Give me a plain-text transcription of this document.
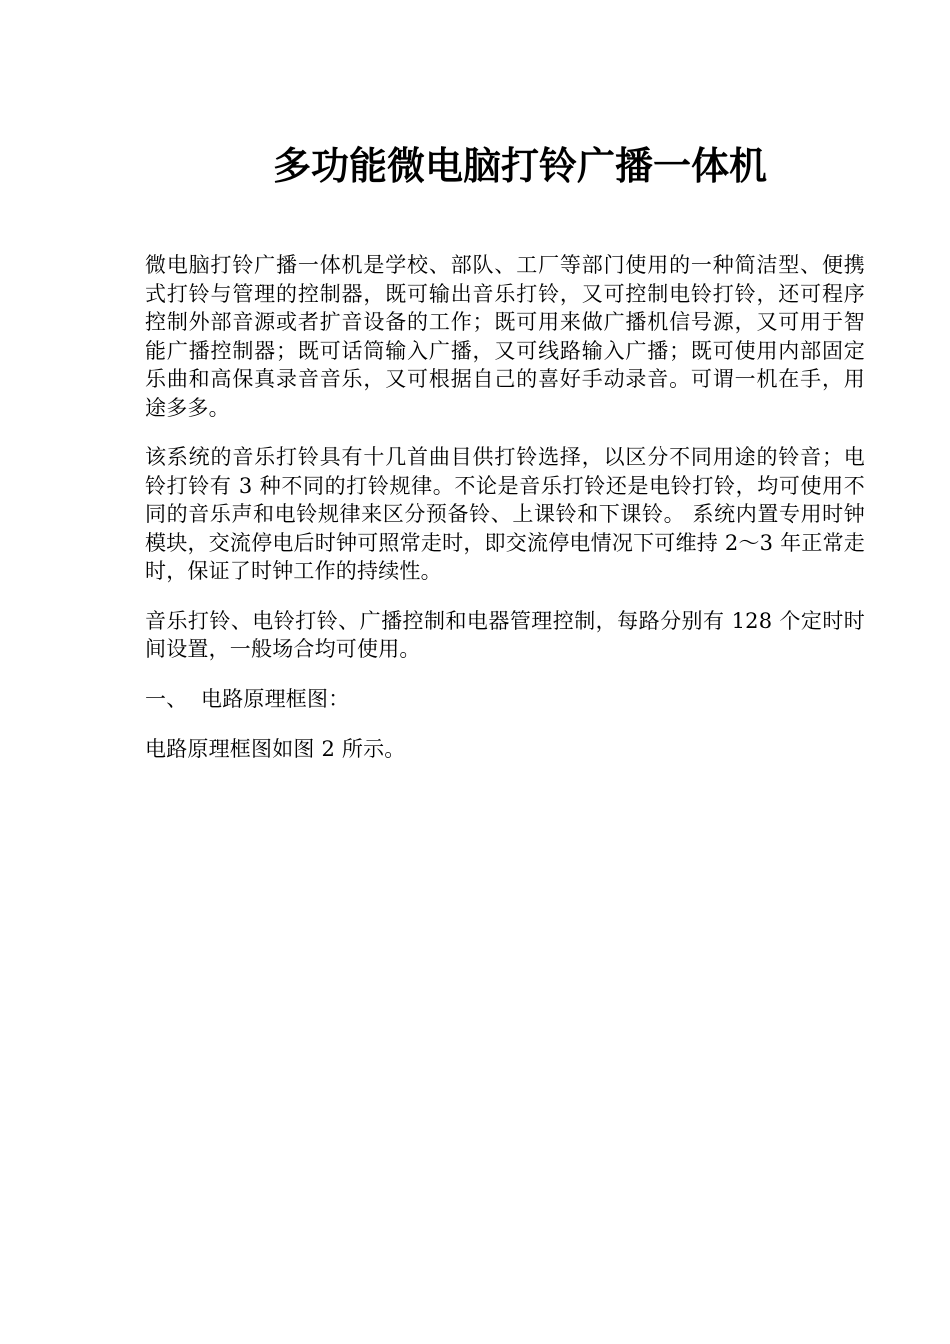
多功能微电脑打铃广播一体机

微电脑打铃广播一体机是学校、部队、工厂等部门使用的一种简洁型、便携式打铃与管理的控制器，既可输出音乐打铃，又可控制电铃打铃，还可程序控制外部音源或者扩音设备的工作；既可用来做广播机信号源，又可用于智能广播控制器；既可话筒输入广播，又可线路输入广播；既可使用内部固定乐曲和高保真录音音乐，又可根据自己的喜好手动录音。可谓一机在手，用途多多。

该系统的音乐打铃具有十几首曲目供打铃选择，以区分不同用途的铃音；电铃打铃有 3 种不同的打铃规律。不论是音乐打铃还是电铃打铃，均可使用不同的音乐声和电铃规律来区分预备铃、上课铃和下课铃。 系统内置专用时钟模块，交流停电后时钟可照常走时，即交流停电情况下可维持 2～3 年正常走时，保证了时钟工作的持续性。

音乐打铃、电铃打铃、广播控制和电器管理控制，每路分别有 128 个定时时间设置，一般场合均可使用。

一、 电路原理框图：

电路原理框图如图 2 所示。
